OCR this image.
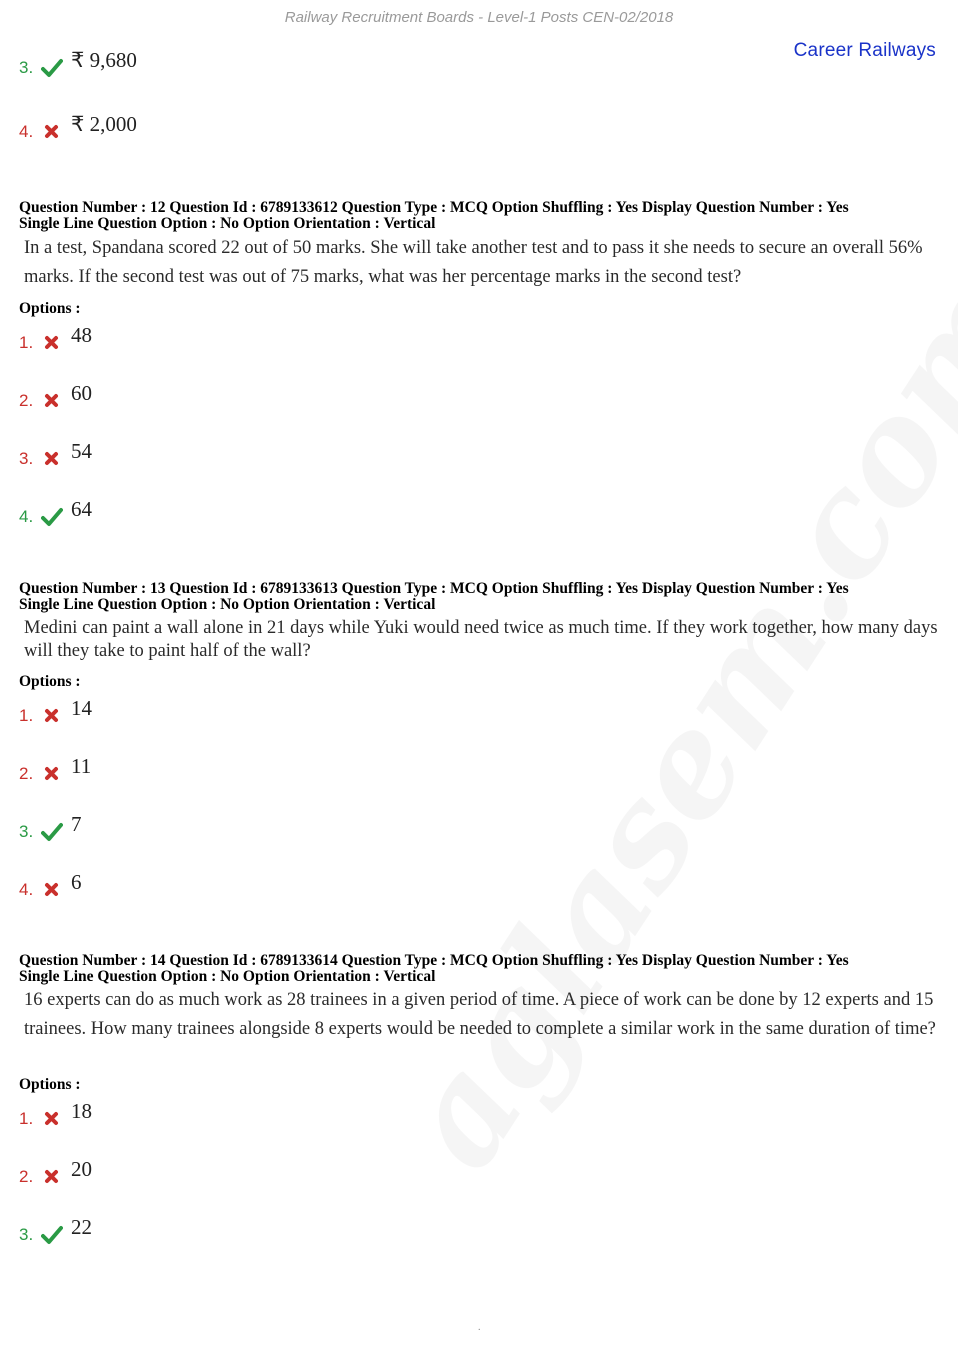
Railway Recruitment Boards - Level-1 Posts CEN-02/2018
Career Railways
3. ₹ 9,680
4. ₹ 2,000
Question Number : 12 Question Id : 6789133612 Question Type : MCQ Option Shuffling : Yes Display Question Number : Yes
Single Line Question Option : No Option Orientation : Vertical
In a test, Spandana scored 22 out of 50 marks. She will take another test and to pass it she needs to secure an overall 56% marks. If the second test was out of 75 marks, what was her percentage marks in the second test?
Options :
1. 48
2. 60
3. 54
4. 64
Question Number : 13 Question Id : 6789133613 Question Type : MCQ Option Shuffling : Yes Display Question Number : Yes
Single Line Question Option : No Option Orientation : Vertical
Medini can paint a wall alone in 21 days while Yuki would need twice as much time. If they work together, how many days will they take to paint half of the wall?
Options :
1. 14
2. 11
3. 7
4. 6
Question Number : 14 Question Id : 6789133614 Question Type : MCQ Option Shuffling : Yes Display Question Number : Yes
Single Line Question Option : No Option Orientation : Vertical
16 experts can do as much work as 28 trainees in a given period of time. A piece of work can be done by 12 experts and 15 trainees. How many trainees alongside 8 experts would be needed to complete a similar work in the same duration of time?
Options :
1. 18
2. 20
3. 22
.
